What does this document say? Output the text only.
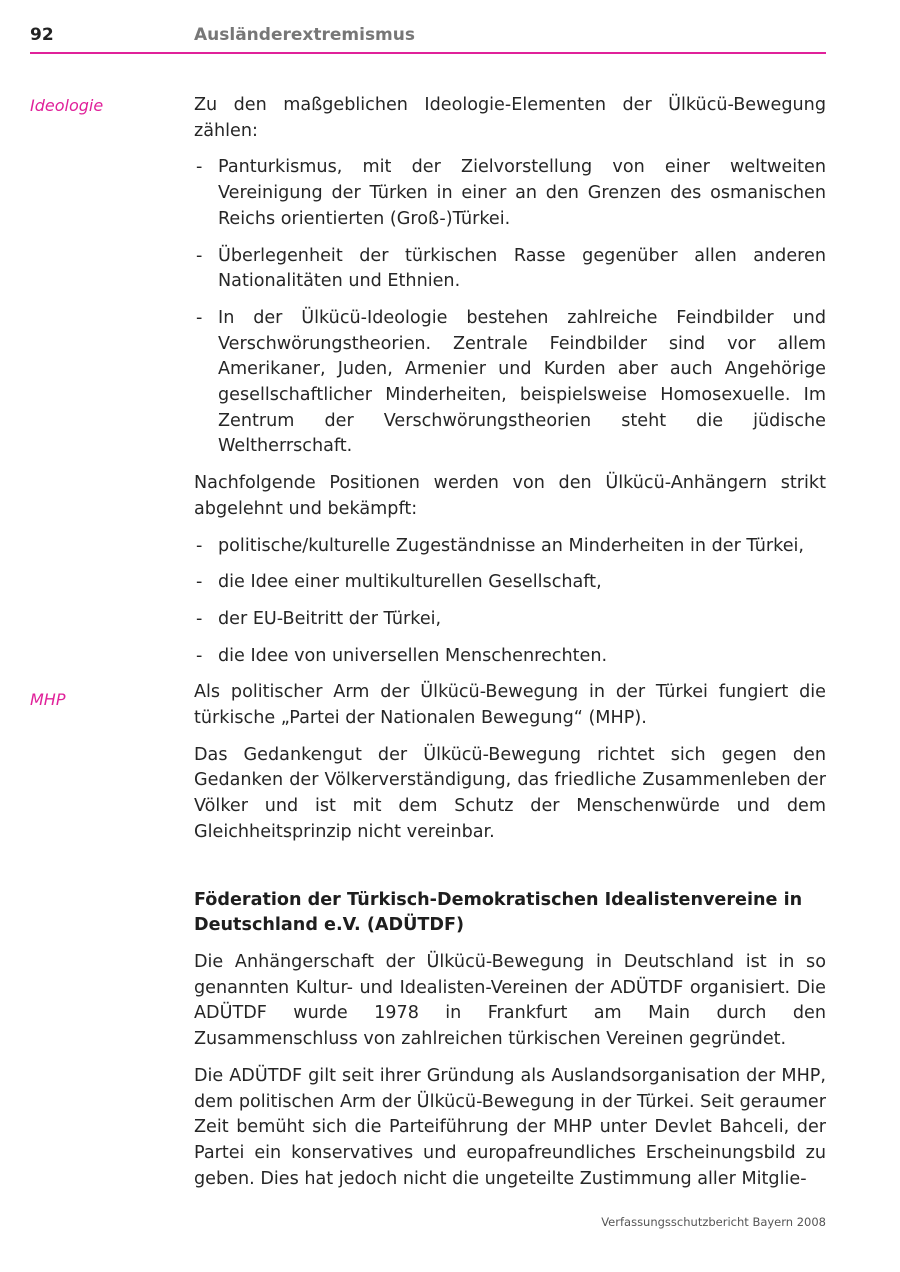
92	Ausländerextremismus
Ideologie
MHP

Zu den maßgeblichen Ideologie-Elementen der Ülkücü-Bewegung zählen:

- Panturkismus, mit der Zielvorstellung von einer weltweiten Vereinigung der Türken in einer an den Grenzen des osmanischen Reichs orientierten (Groß-)Türkei.
- Überlegenheit der türkischen Rasse gegenüber allen anderen Nationalitäten und Ethnien.
- In der Ülkücü-Ideologie bestehen zahlreiche Feindbilder und Verschwörungstheorien. Zentrale Feindbilder sind vor allem Amerikaner, Juden, Armenier und Kurden aber auch Angehörige gesellschaftlicher Minderheiten, beispielsweise Homosexuelle. Im Zentrum der Verschwörungstheorien steht die jüdische Weltherrschaft.

Nachfolgende Positionen werden von den Ülkücü-Anhängern strikt abgelehnt und bekämpft:

- politische/kulturelle Zugeständnisse an Minderheiten in der Türkei,
- die Idee einer multikulturellen Gesellschaft,
- der EU-Beitritt der Türkei,
- die Idee von universellen Menschenrechten.

Als politischer Arm der Ülkücü-Bewegung in der Türkei fungiert die türkische „Partei der Nationalen Bewegung“ (MHP).

Das Gedankengut der Ülkücü-Bewegung richtet sich gegen den Gedanken der Völkerverständigung, das friedliche Zusammenleben der Völker und ist mit dem Schutz der Menschenwürde und dem Gleichheitsprinzip nicht vereinbar.

Föderation der Türkisch-Demokratischen Idealistenvereine in Deutschland e.V. (ADÜTDF)

Die Anhängerschaft der Ülkücü-Bewegung in Deutschland ist in so genannten Kultur- und Idealisten-Vereinen der ADÜTDF organisiert. Die ADÜTDF wurde 1978 in Frankfurt am Main durch den Zusammenschluss von zahlreichen türkischen Vereinen gegründet.

Die ADÜTDF gilt seit ihrer Gründung als Auslandsorganisation der MHP, dem politischen Arm der Ülkücü-Bewegung in der Türkei. Seit geraumer Zeit bemüht sich die Parteiführung der MHP unter Devlet Bahceli, der Partei ein konservatives und europafreundliches Erscheinungsbild zu geben. Dies hat jedoch nicht die ungeteilte Zustimmung aller Mitglie-

Verfassungsschutzbericht Bayern 2008
